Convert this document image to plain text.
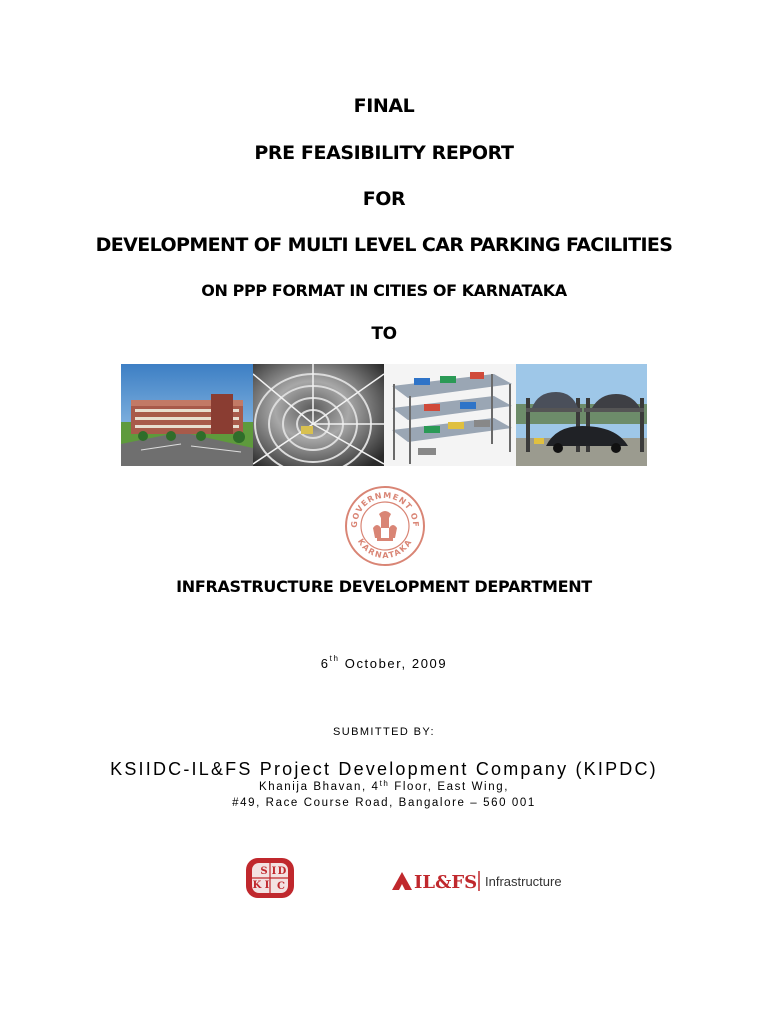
FINAL
PRE FEASIBILITY REPORT
FOR
DEVELOPMENT OF MULTI LEVEL CAR PARKING FACILITIES
ON PPP FORMAT IN CITIES OF KARNATAKA
TO
GOVERNMENT OF
KARNATAKA
INFRASTRUCTURE DEVELOPMENT DEPARTMENT
6th October, 2009
SUBMITTED BY:
KSIIDC-IL&FS Project Development Company (KIPDC)
Khanija Bhavan, 4th Floor, East Wing,
#49, Race Course Road, Bangalore – 560 001
S
K I
I D
C	IL&FS Infrastructure
